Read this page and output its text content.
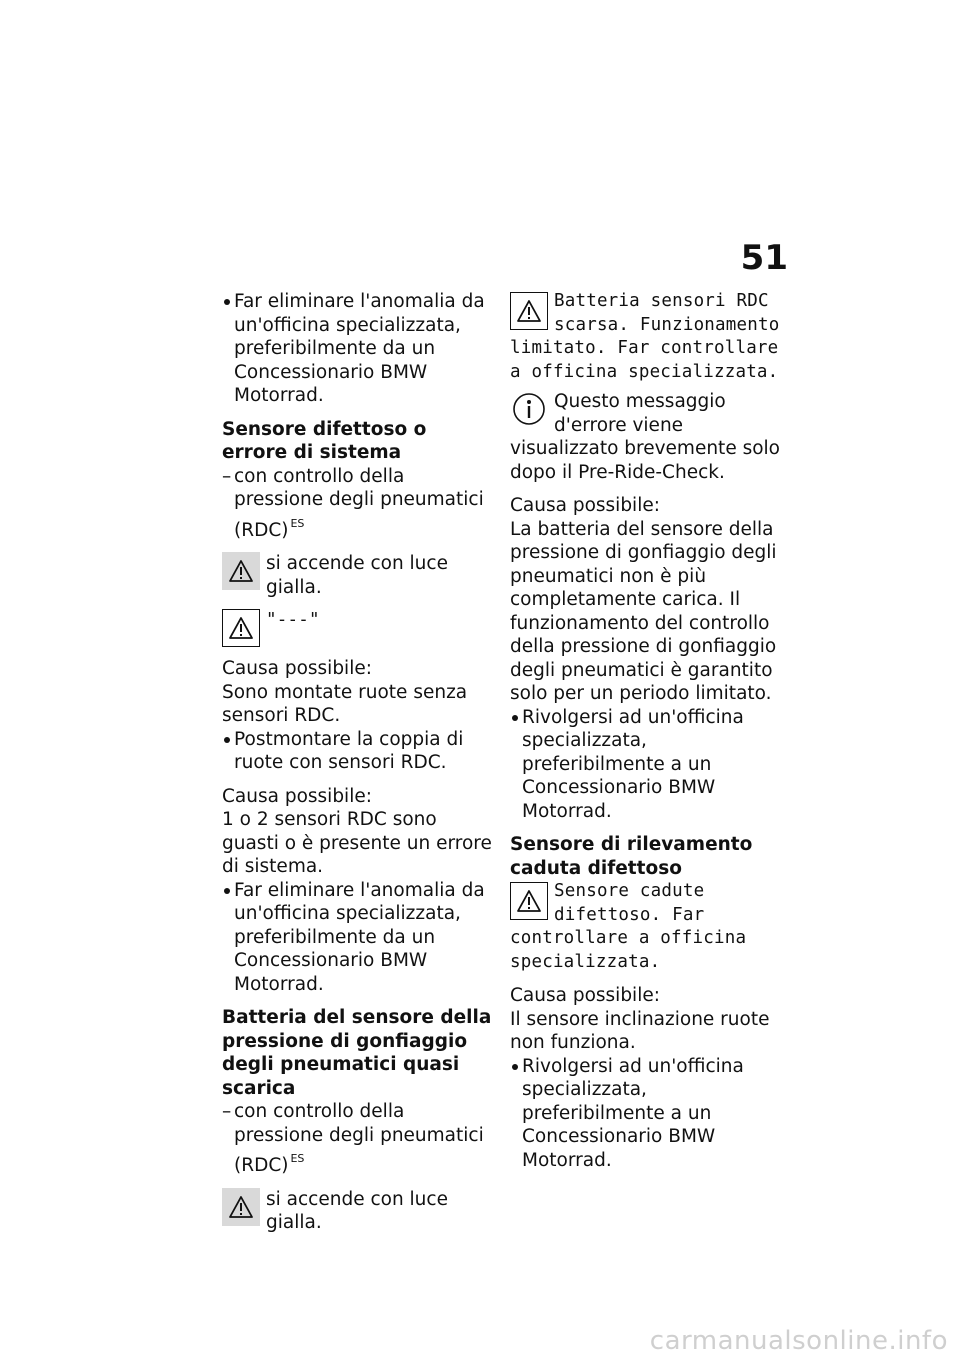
51

Far eliminare l'anomalia da un'officina specializzata, preferibilmente da un Concessionario BMW Motorrad.

Sensore difettoso o errore di sistema

– con controllo della pressione degli pneumatici (RDC) $^{ES}$

si accende con luce gialla.

"---"

Causa possibile:

Sono montate ruote senza sensori RDC.

Postmontare la coppia di ruote con sensori RDC.

Causa possibile:

1 o 2 sensori RDC sono guasti o è presente un errore di sistema.

Far eliminare l'anomalia da un'officina specializzata, preferibilmente da un Concessionario BMW Motorrad.

Batteria del sensore della pressione di gonfiaggio degli pneumatici quasi scarica

– con controllo della pressione degli pneumatici (RDC) $^{ES}$

si accende con luce gialla.

Batteria sensori RDC scarsa. Funzionamento limitato. Far controllare a officina specializzata.

Questo messaggio d'errore viene visualizzato brevemente solo dopo il Pre-Ride-Check.

Causa possibile:

La batteria del sensore della pressione di gonfiaggio degli pneumatici non è più completamente carica. Il funzionamento del controllo della pressione di gonfiaggio degli pneumatici è garantito solo per un periodo limitato.

Rivolgersi ad un'officina specializzata, preferibilmente a un Concessionario BMW Motorrad.

Sensore di rilevamento caduta difettoso

Sensore cadute difettoso. Far controllare a officina specializzata.

Causa possibile:

Il sensore inclinazione ruote non funziona.

Rivolgersi ad un'officina specializzata, preferibilmente a un Concessionario BMW Motorrad.

carmanualsonline.info
